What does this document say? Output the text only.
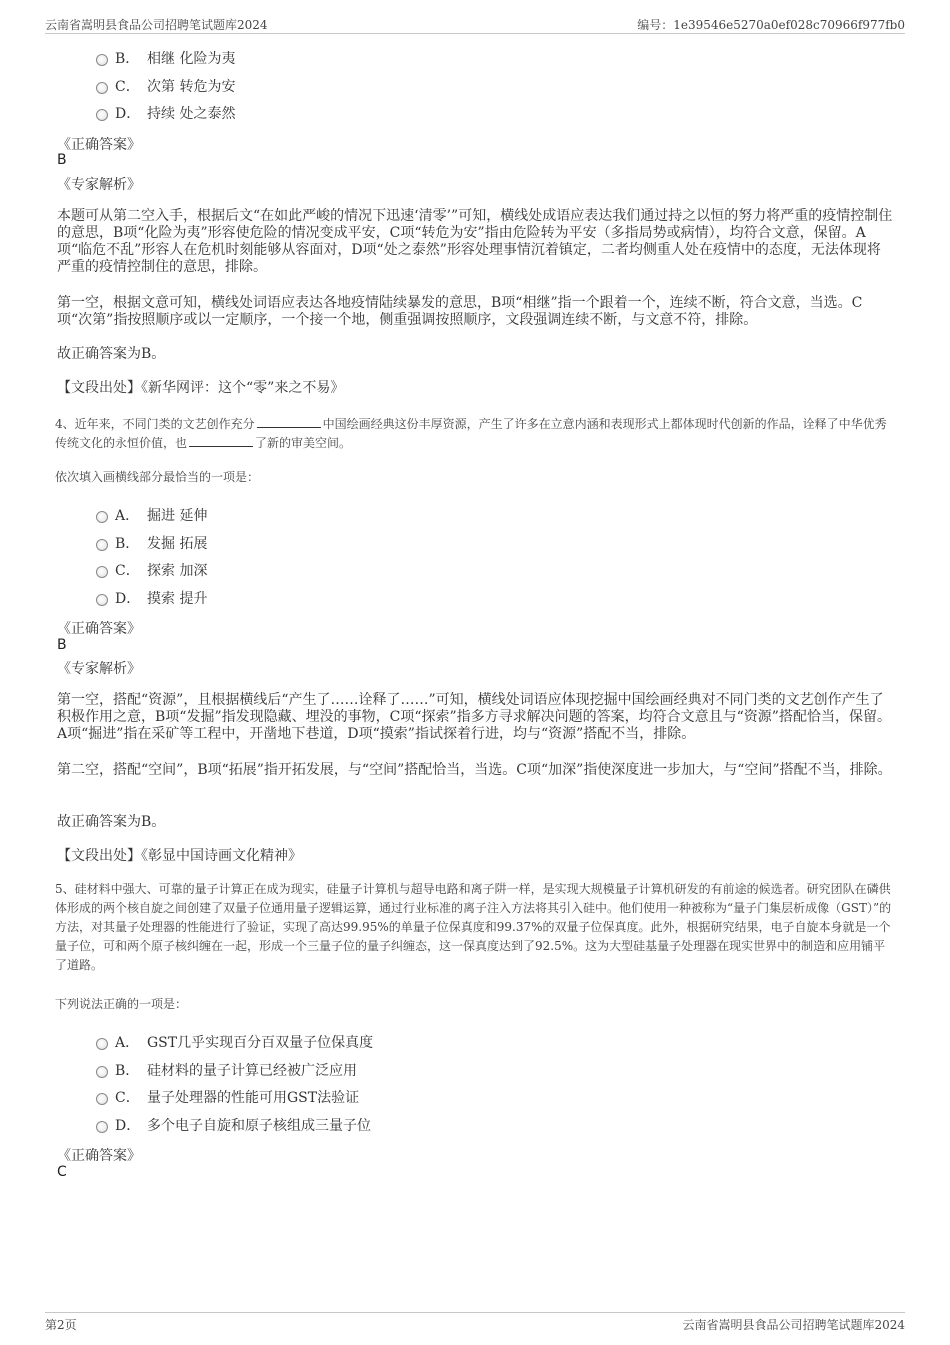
云南省嵩明县食品公司招聘笔试题库2024	编号：1e39546e5270a0ef028c70966f977fb0
B． 相继 化险为夷
C． 次第 转危为安
D． 持续 处之泰然
《正确答案》
B
《专家解析》
本题可从第二空入手，根据后文“在如此严峻的情况下迅速‘清零’”可知，横线处成语应表达我们通过持之以恒的努力将严重的疫情控制住的意思，B项“化险为夷”形容使危险的情况变成平安，C项“转危为安”指由危险转为平安（多指局势或病情），均符合文意，保留。A项“临危不乱”形容人在危机时刻能够从容面对，D项“处之泰然”形容处理事情沉着镇定，二者均侧重人处在疫情中的态度，无法体现将严重的疫情控制住的意思，排除。
第一空，根据文意可知，横线处词语应表达各地疫情陆续暴发的意思，B项“相继”指一个跟着一个，连续不断，符合文意，当选。C项“次第”指按照顺序或以一定顺序，一个接一个地，侧重强调按照顺序，文段强调连续不断，与文意不符，排除。
故正确答案为B。
【文段出处】《新华网评：这个“零”来之不易》
4、近年来，不同门类的文艺创作充分	中国绘画经典这份丰厚资源，产生了许多在立意内涵和表现形式上都体现时代创新的作品，诠释了中华优秀传统文化的永恒价值，也	了新的审美空间。
依次填入画横线部分最恰当的一项是：
A． 掘进 延伸
B． 发掘 拓展
C． 探索 加深
D． 摸索 提升
《正确答案》
B
《专家解析》
第一空，搭配“资源”，且根据横线后“产生了……诠释了……”可知，横线处词语应体现挖掘中国绘画经典对不同门类的文艺创作产生了积极作用之意，B项“发掘”指发现隐藏、埋没的事物，C项“探索”指多方寻求解决问题的答案，均符合文意且与“资源”搭配恰当，保留。A项“掘进”指在采矿等工程中，开凿地下巷道，D项“摸索”指试探着行进，均与“资源”搭配不当，排除。
第二空，搭配“空间”，B项“拓展”指开拓发展，与“空间”搭配恰当，当选。C项“加深”指使深度进一步加大，与“空间”搭配不当，排除。
故正确答案为B。
【文段出处】《彰显中国诗画文化精神》
5、硅材料中强大、可靠的量子计算正在成为现实，硅量子计算机与超导电路和离子阱一样，是实现大规模量子计算机研发的有前途的候选者。研究团队在磷供体形成的两个核自旋之间创建了双量子位通用量子逻辑运算，通过行业标准的离子注入方法将其引入硅中。他们使用一种被称为“量子门集层析成像（GST）”的方法，对其量子处理器的性能进行了验证，实现了高达99.95%的单量子位保真度和99.37%的双量子位保真度。此外，根据研究结果，电子自旋本身就是一个量子位，可和两个原子核纠缠在一起，形成一个三量子位的量子纠缠态，这一保真度达到了92.5%。这为大型硅基量子处理器在现实世界中的制造和应用铺平了道路。
下列说法正确的一项是：
A． GST几乎实现百分百双量子位保真度
B． 硅材料的量子计算已经被广泛应用
C． 量子处理器的性能可用GST法验证
D． 多个电子自旋和原子核组成三量子位
《正确答案》
C
第2页	云南省嵩明县食品公司招聘笔试题库2024
